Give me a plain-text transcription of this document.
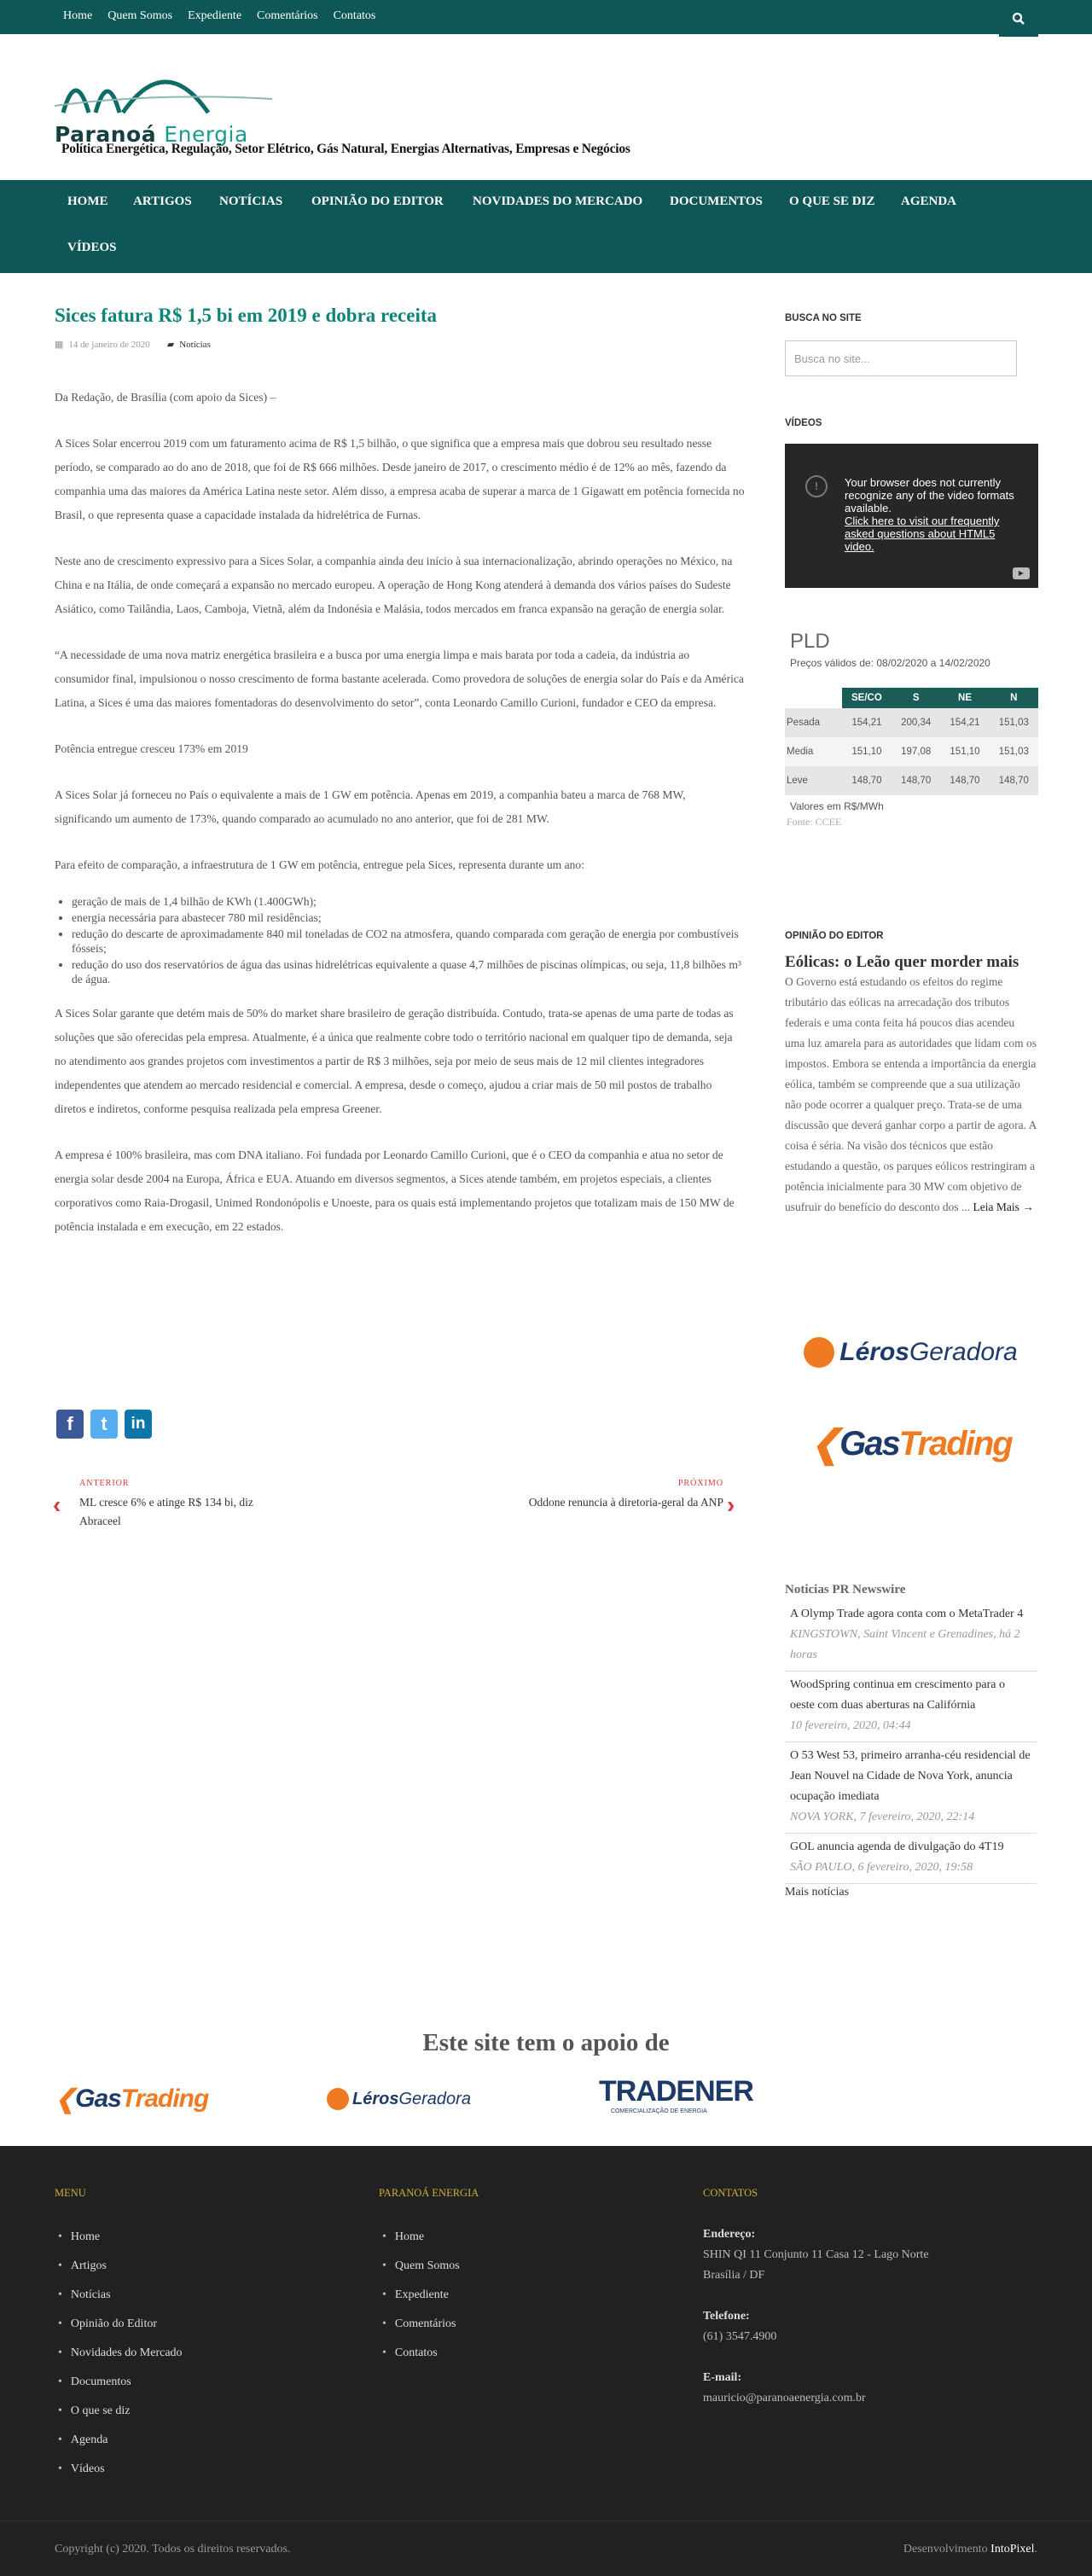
Home Quem Somos Expediente Comentários Contatos
Paranoá Energia
Política Energética, Regulação, Setor Elétrico, Gás Natural, Energias Alternativas, Empresas e Negócios
HOME ARTIGOS NOTÍCIAS OPINIÃO DO EDITOR NOVIDADES DO MERCADO DOCUMENTOS O QUE SE DIZ AGENDA
VÍDEOS
Sices fatura R$ 1,5 bi em 2019 e dobra receita
▦ 14 de janeiro de 2020 ▰ Notícias

Da Redação, de Brasília (com apoio da Sices) –

A Sices Solar encerrou 2019 com um faturamento acima de R$ 1,5 bilhão, o que significa que a empresa mais que dobrou seu resultado nesse período, se comparado ao do ano de 2018, que foi de R$ 666 milhões. Desde janeiro de 2017, o crescimento médio é de 12% ao mês, fazendo da companhia uma das maiores da América Latina neste setor. Além disso, a empresa acaba de superar a marca de 1 Gigawatt em potência fornecida no Brasil, o que representa quase a capacidade instalada da hidrelétrica de Furnas.

Neste ano de crescimento expressivo para a Sices Solar, a companhia ainda deu início à sua internacionalização, abrindo operações no México, na China e na Itália, de onde começará a expansão no mercado europeu. A operação de Hong Kong atenderá à demanda dos vários países do Sudeste Asiático, como Tailândia, Laos, Camboja, Vietnã, além da Indonésia e Malásia, todos mercados em franca expansão na geração de energia solar.

“A necessidade de uma nova matriz energética brasileira e a busca por uma energia limpa e mais barata por toda a cadeia, da indústria ao consumidor final, impulsionou o nosso crescimento de forma bastante acelerada. Como provedora de soluções de energia solar do País e da América Latina, a Sices é uma das maiores fomentadoras do desenvolvimento do setor”, conta Leonardo Camillo Curioni, fundador e CEO da empresa.

Potência entregue cresceu 173% em 2019

A Sices Solar já forneceu no País o equivalente a mais de 1 GW em potência. Apenas em 2019, a companhia bateu a marca de 768 MW, significando um aumento de 173%, quando comparado ao acumulado no ano anterior, que foi de 281 MW.

Para efeito de comparação, a infraestrutura de 1 GW em potência, entregue pela Sices, representa durante um ano:

• geração de mais de 1,4 bilhão de KWh (1.400GWh);
• energia necessária para abastecer 780 mil residências;
• redução do descarte de aproximadamente 840 mil toneladas de CO2 na atmosfera, quando comparada com geração de energia por combustíveis fósseis;
• redução do uso dos reservatórios de água das usinas hidrelétricas equivalente a quase 4,7 milhões de piscinas olímpicas, ou seja, 11,8 bilhões m³ de água.

A Sices Solar garante que detém mais de 50% do market share brasileiro de geração distribuída. Contudo, trata-se apenas de uma parte de todas as soluções que são oferecidas pela empresa. Atualmente, é a única que realmente cobre todo o território nacional em qualquer tipo de demanda, seja no atendimento aos grandes projetos com investimentos a partir de R$ 3 milhões, seja por meio de seus mais de 12 mil clientes integradores independentes que atendem ao mercado residencial e comercial. A empresa, desde o começo, ajudou a criar mais de 50 mil postos de trabalho diretos e indiretos, conforme pesquisa realizada pela empresa Greener.

A empresa é 100% brasileira, mas com DNA italiano. Foi fundada por Leonardo Camillo Curioni, que é o CEO da companhia e atua no setor de energia solar desde 2004 na Europa, África e EUA. Atuando em diversos segmentos, a Sices atende também, em projetos especiais, a clientes corporativos como Raia-Drogasil, Unimed Rondonópolis e Unoeste, para os quais está implementando projetos que totalizam mais de 150 MW de potência instalada e em execução, em 22 estados.

f	t	in
‹
ANTERIOR
ML cresce 6% e atinge R$ 134 bi, diz Abraceel
PRÓXIMO
Oddone renuncia à diretoria-geral da ANP ›
BUSCA NO SITE
Busca no site...
VÍDEOS
!	Your browser does not currently recognize any of the video formats available.
Click here to visit our frequently asked questions about HTML5 video.
▶
PLD
Preços válidos de: 08/02/2020 a 14/02/2020
	SE/CO	S	NE	N
Pesada	154,21	200,34	154,21	151,03
Media	151,10	197,08	151,10	151,03
Leve	148,70	148,70	148,70	148,70
Valores em R$/MWh
Fonte: CCEE
OPINIÃO DO EDITOR
Eólicas: o Leão quer morder mais

O Governo está estudando os efeitos do regime tributário das eólicas na arrecadação dos tributos federais e uma conta feita há poucos dias acendeu uma luz amarela para as autoridades que lidam com os impostos. Embora se entenda a importância da energia eólica, também se compreende que a sua utilização não pode ocorrer a qualquer preço. Trata-se de uma discussão que deverá ganhar corpo a partir de agora. A coisa é séria. Na visão dos técnicos que estão estudando a questão, os parques eólicos restringiram a potência inicialmente para 30 MW com objetivo de usufruir do benefício do desconto dos ... Leia Mais →

Léros Geradora
❮ Gas Trading
Noticias PR Newswire
A Olymp Trade agora conta com o MetaTrader 4
KINGSTOWN, Saint Vincent e Grenadines, há 2 horas
WoodSpring continua em crescimento para o oeste com duas aberturas na Califórnia
10 fevereiro, 2020, 04:44
O 53 West 53, primeiro arranha-céu residencial de Jean Nouvel na Cidade de Nova York, anuncia ocupação imediata
NOVA YORK, 7 fevereiro, 2020, 22:14
GOL anuncia agenda de divulgação do 4T19
SÃO PAULO, 6 fevereiro, 2020, 19:58
Mais notícias
Este site tem o apoio de
❮ Gas Trading	Léros Geradora	TRADENER
COMERCIALIZAÇÃO DE ENERGIA
MENU
• Home
• Artigos
• Notícias
• Opinião do Editor
• Novidades do Mercado
• Documentos
• O que se diz
• Agenda
• Vídeos
PARANOÁ ENERGIA
• Home
• Quem Somos
• Expediente
• Comentários
• Contatos
CONTATOS
Endereço:
SHIN QI 11 Conjunto 11 Casa 12 - Lago Norte
Brasília / DF

Telefone:
(61) 3547.4900

E-mail:
mauricio@paranoaenergia.com.br
Copyright (c) 2020. Todos os direitos reservados.	Desenvolvimento IntoPixel.
